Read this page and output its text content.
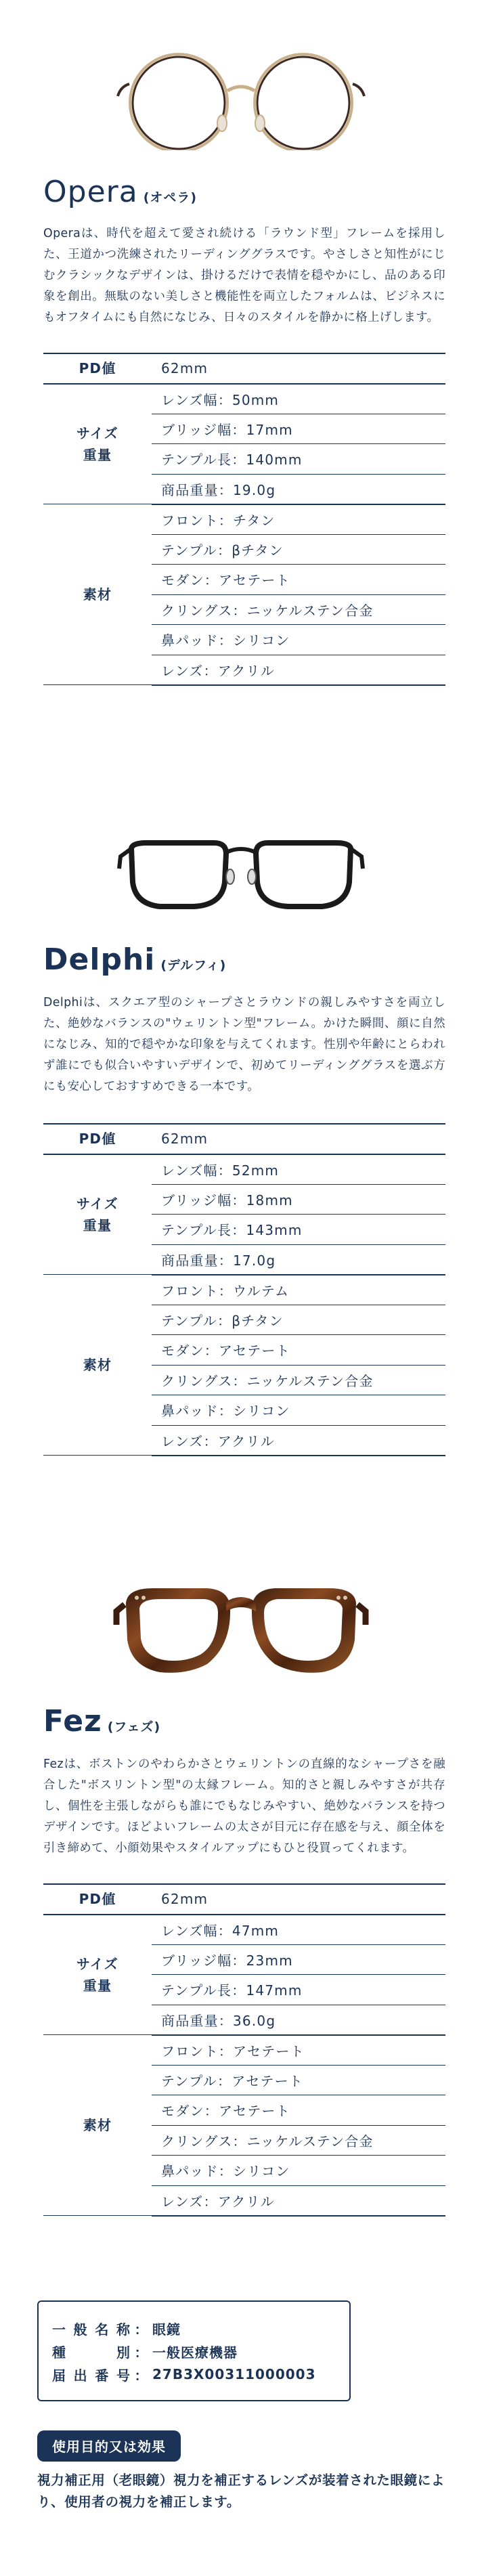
Opera (オペラ)

Operaは、時代を超えて愛され続ける「ラウンド型」フレームを採用した、王道かつ洗練されたリーディンググラスです。やさしさと知性がにじむクラシックなデザインは、掛けるだけで表情を穏やかにし、品のある印象を創出。無駄のない美しさと機能性を両立したフォルムは、ビジネスにもオフタイムにも自然になじみ、日々のスタイルを静かに格上げします。

PD値	62mm
サイズ
重量	レンズ幅：50mm
	ブリッジ幅：17mm
	テンプル長：140mm
	商品重量：19.0g
素材	フロント：チタン
	テンプル：βチタン
	モダン：アセテート
	クリングス：ニッケルステン合金
	鼻パッド：シリコン
	レンズ：アクリル
Delphi (デルフィ)

Delphiは、スクエア型のシャープさとラウンドの親しみやすさを両立した、絶妙なバランスの"ウェリントン型"フレーム。かけた瞬間、顔に自然になじみ、知的で穏やかな印象を与えてくれます。性別や年齢にとらわれず誰にでも似合いやすいデザインで、初めてリーディンググラスを選ぶ方にも安心しておすすめできる一本です。

PD値	62mm
サイズ
重量	レンズ幅：52mm
	ブリッジ幅：18mm
	テンプル長：143mm
	商品重量：17.0g
素材	フロント：ウルテム
	テンプル：βチタン
	モダン：アセテート
	クリングス：ニッケルステン合金
	鼻パッド：シリコン
	レンズ：アクリル
Fez (フェズ)

Fezは、ボストンのやわらかさとウェリントンの直線的なシャープさを融合した"ボスリントン型"の太縁フレーム。知的さと親しみやすさが共存し、個性を主張しながらも誰にでもなじみやすい、絶妙なバランスを持つデザインです。ほどよいフレームの太さが目元に存在感を与え、顔全体を引き締めて、小顔効果やスタイルアップにもひと役買ってくれます。

PD値	62mm
サイズ
重量	レンズ幅：47mm
	ブリッジ幅：23mm
	テンプル長：147mm
	商品重量：36.0g
素材	フロント：アセテート
	テンプル：アセテート
	モダン：アセテート
	クリングス：ニッケルステン合金
	鼻パッド：シリコン
	レンズ：アクリル
一 般 名 称 ： 眼鏡
種	別 ： 一般医療機器
届 出 番 号 ： 27B3X00311000003
使用目的又は効果

視力補正用（老眼鏡）視力を補正するレンズが装着された眼鏡により、使用者の視力を補正します。
